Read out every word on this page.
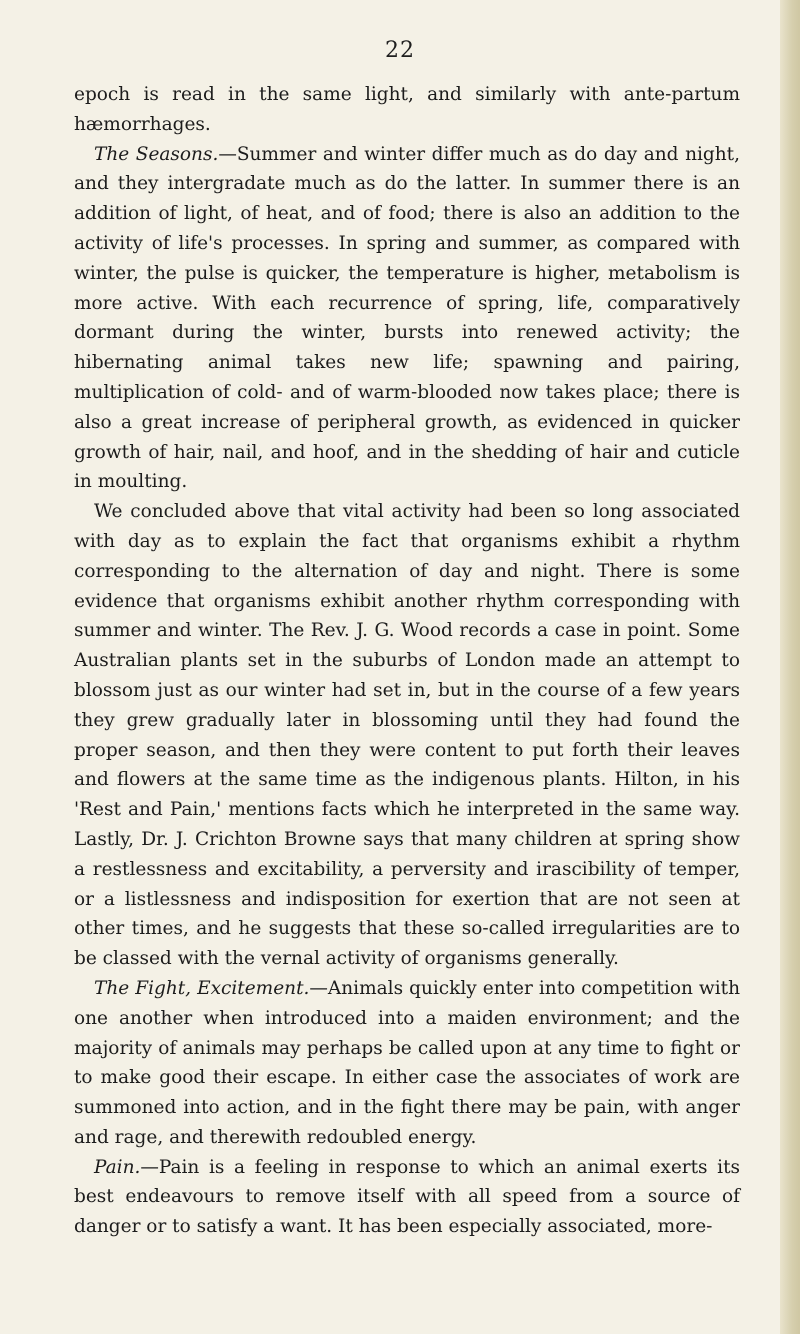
22

epoch is read in the same light, and similarly with ante-partum hæmorrhages.

The Seasons.—Summer and winter differ much as do day and night, and they intergradate much as do the latter. In summer there is an addition of light, of heat, and of food; there is also an addition to the activity of life's processes. In spring and summer, as compared with winter, the pulse is quicker, the temperature is higher, metabolism is more active. With each recurrence of spring, life, comparatively dormant during the winter, bursts into renewed activity; the hibernating animal takes new life; spawning and pairing, multiplication of cold- and of warm-blooded now takes place; there is also a great increase of peripheral growth, as evidenced in quicker growth of hair, nail, and hoof, and in the shedding of hair and cuticle in moulting.

We concluded above that vital activity had been so long associated with day as to explain the fact that organisms exhibit a rhythm corresponding to the alternation of day and night. There is some evidence that organisms exhibit another rhythm corresponding with summer and winter. The Rev. J. G. Wood records a case in point. Some Australian plants set in the suburbs of London made an attempt to blossom just as our winter had set in, but in the course of a few years they grew gradually later in blossoming until they had found the proper season, and then they were content to put forth their leaves and flowers at the same time as the indigenous plants. Hilton, in his 'Rest and Pain,' mentions facts which he interpreted in the same way. Lastly, Dr. J. Crichton Browne says that many children at spring show a restlessness and excitability, a perversity and irascibility of temper, or a listlessness and indisposition for exertion that are not seen at other times, and he suggests that these so-called irregularities are to be classed with the vernal activity of organisms generally.

The Fight, Excitement.—Animals quickly enter into competition with one another when introduced into a maiden environment; and the majority of animals may perhaps be called upon at any time to fight or to make good their escape. In either case the associates of work are summoned into action, and in the fight there may be pain, with anger and rage, and therewith redoubled energy.

Pain.—Pain is a feeling in response to which an animal exerts its best endeavours to remove itself with all speed from a source of danger or to satisfy a want. It has been especially associated, more-
